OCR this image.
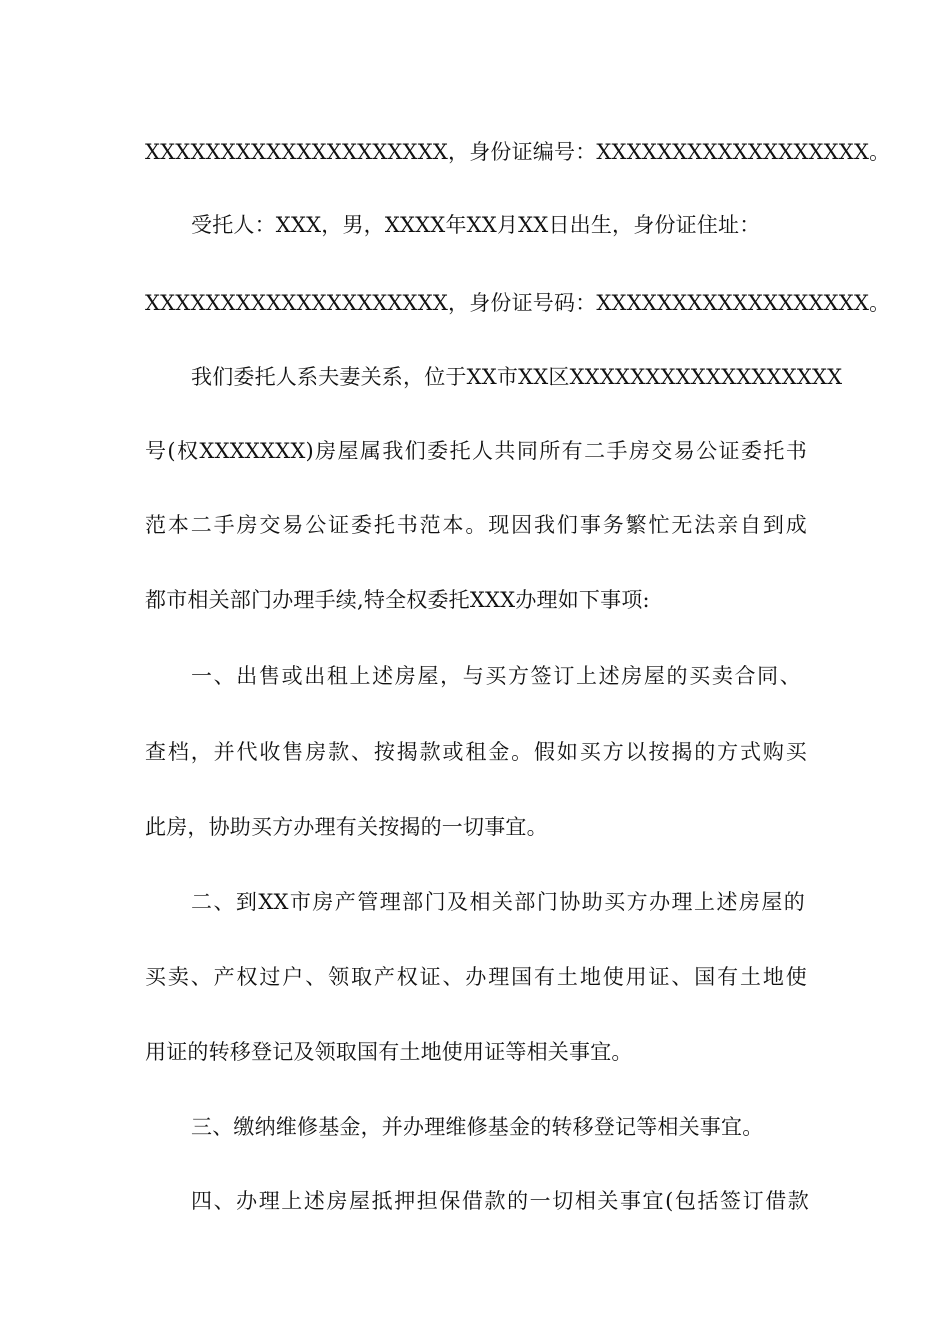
XXXXXXXXXXXXXXXXXXXX，身份证编号：XXXXXXXXXXXXXXXXXX。
受托人：XXX，男，XXXX年XX月XX日出生，身份证住址：
XXXXXXXXXXXXXXXXXXXX，身份证号码：XXXXXXXXXXXXXXXXXX。
我们委托人系夫妻关系，位于XX市XX区XXXXXXXXXXXXXXXXXX
号(权XXXXXXX)房屋属我们委托人共同所有二手房交易公证委托书
范本二手房交易公证委托书范本。现因我们事务繁忙无法亲自到成
都市相关部门办理手续,特全权委托XXX办理如下事项:
一、出售或出租上述房屋，与买方签订上述房屋的买卖合同、
查档，并代收售房款、按揭款或租金。假如买方以按揭的方式购买
此房，协助买方办理有关按揭的一切事宜。
二、到XX市房产管理部门及相关部门协助买方办理上述房屋的
买卖、产权过户、领取产权证、办理国有土地使用证、国有土地使
用证的转移登记及领取国有土地使用证等相关事宜。
三、缴纳维修基金，并办理维修基金的转移登记等相关事宜。
四、办理上述房屋抵押担保借款的一切相关事宜(包括签订借款
